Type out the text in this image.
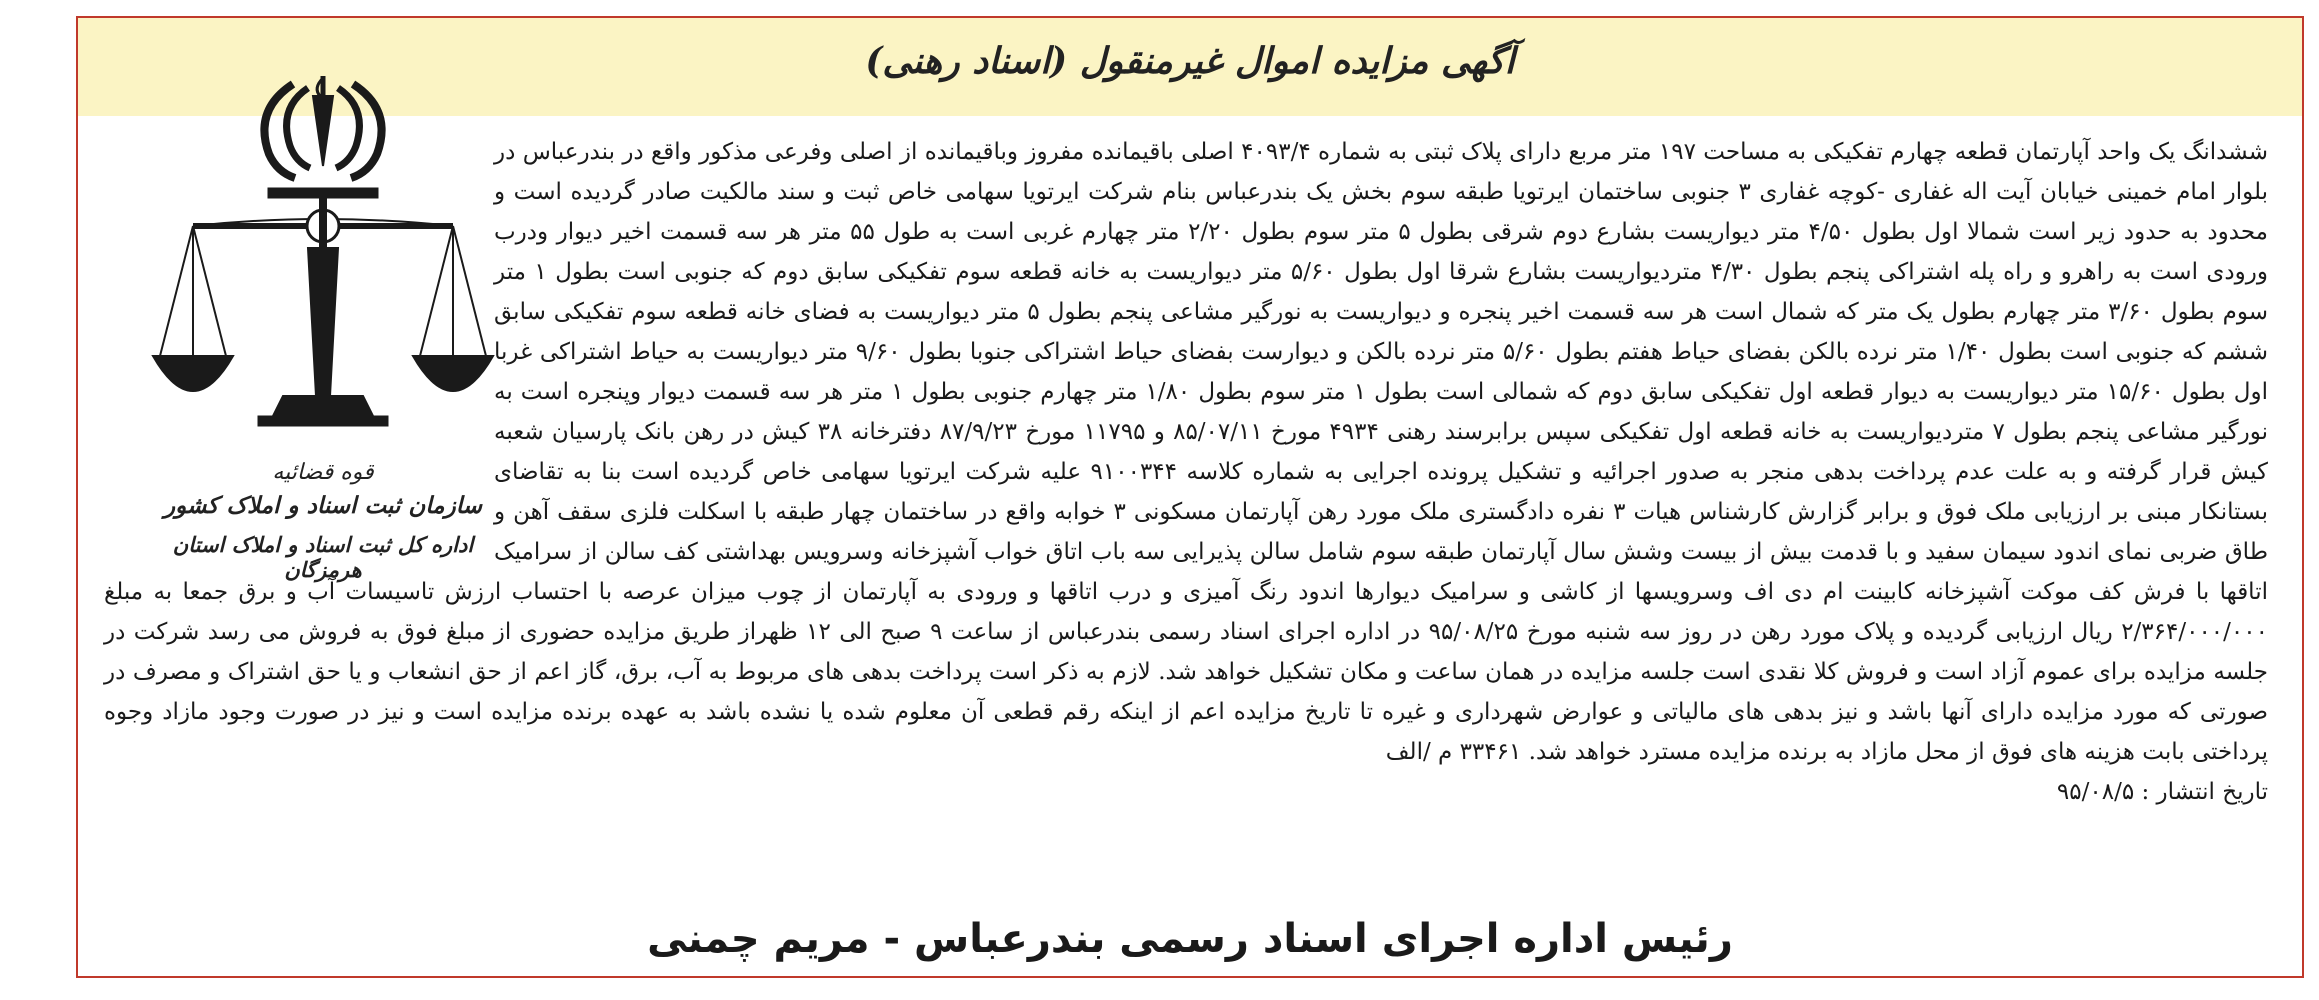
آگهی مزایده اموال غیرمنقول (اسناد رهنی)
قوه قضائیه
سازمان ثبت اسناد و املاک کشور
اداره کل ثبت اسناد و املاک استان هرمزگان
ششدانگ یک واحد آپارتمان قطعه چهارم تفکیکی به مساحت ۱۹۷ متر مربع دارای پلاک ثبتی به شماره ۴۰۹۳/۴ اصلی باقیمانده مفروز وباقیمانده از اصلی وفرعی مذکور واقع در بندرعباس در بلوار امام خمینی خیابان آیت اله غفاری -کوچه غفاری ۳ جنوبی ساختمان ایرتویا طبقه سوم بخش یک بندرعباس بنام شرکت ایرتویا سهامی خاص ثبت و سند مالکیت صادر گردیده است و محدود به حدود زیر است شمالا اول بطول ۴/۵۰ متر دیواریست بشارع دوم شرقی بطول ۵ متر سوم بطول ۲/۲۰ متر چهارم غربی است به طول ۵۵ متر هر سه قسمت اخیر دیوار ودرب ورودی است به راهرو و راه پله اشتراکی پنجم بطول ۴/۳۰ متردیواریست بشارع شرقا اول بطول ۵/۶۰ متر دیواریست به خانه قطعه سوم تفکیکی سابق دوم که جنوبی است بطول ۱ متر سوم بطول ۳/۶۰ متر چهارم بطول یک متر که شمال است هر سه قسمت اخیر پنجره و دیواریست به نورگیر مشاعی پنجم بطول ۵ متر دیواریست به فضای خانه قطعه سوم تفکیکی سابق ششم که جنوبی است بطول ۱/۴۰ متر نرده بالکن بفضای حیاط هفتم بطول ۵/۶۰ متر نرده بالکن و دیوارست بفضای حیاط اشتراکی جنوبا بطول ۹/۶۰ متر دیواریست به حیاط اشتراکی غربا اول بطول ۱۵/۶۰ متر دیواریست به دیوار قطعه اول تفکیکی سابق دوم که شمالی است بطول ۱ متر سوم بطول ۱/۸۰ متر چهارم جنوبی بطول ۱ متر هر سه قسمت دیوار وپنجره است به نورگیر مشاعی پنجم بطول ۷ متردیواریست به خانه قطعه اول تفکیکی سپس برابرسند رهنی ۴۹۳۴ مورخ ۸۵/۰۷/۱۱ و ۱۱۷۹۵ مورخ ۸۷/۹/۲۳ دفترخانه ۳۸ کیش در رهن بانک پارسیان شعبه کیش قرار گرفته و به علت عدم پرداخت بدهی منجر به صدور اجرائیه و تشکیل پرونده اجرایی به شماره کلاسه ۹۱۰۰۳۴۴ علیه شرکت ایرتویا سهامی خاص گردیده است بنا به تقاضای بستانکار مبنی بر ارزیابی ملک فوق و برابر گزارش کارشناس هیات ۳ نفره دادگستری ملک مورد رهن آپارتمان مسکونی ۳ خوابه واقع در ساختمان چهار طبقه با اسکلت فلزی سقف آهن و طاق ضربی نمای اندود سیمان سفید و با قدمت بیش از بیست وشش سال آپارتمان طبقه سوم شامل سالن پذیرایی سه باب اتاق خواب آشپزخانه وسرویس بهداشتی کف سالن از سرامیک اتاقها با فرش کف موکت آشپزخانه کابینت ام دی اف وسرویسها از کاشی و سرامیک دیوارها اندود رنگ آمیزی و درب اتاقها و ورودی به آپارتمان از چوب میزان عرصه با احتساب ارزش تاسیسات آب و برق جمعا به مبلغ ۲/۳۶۴/۰۰۰/۰۰۰ ریال ارزیابی گردیده و پلاک مورد رهن در روز سه شنبه مورخ ۹۵/۰۸/۲۵ در اداره اجرای اسناد رسمی بندرعباس از ساعت ۹ صبح الی ۱۲ ظهراز طریق مزایده حضوری از مبلغ فوق به فروش می رسد شرکت در جلسه مزایده برای عموم آزاد است و فروش کلا نقدی است جلسه مزایده در همان ساعت و مکان تشکیل خواهد شد. لازم به ذکر است پرداخت بدهی های مربوط به آب، برق، گاز اعم از حق انشعاب و یا حق اشتراک و مصرف در صورتی که مورد مزایده دارای آنها باشد و نیز بدهی های مالیاتی و عوارض شهرداری و غیره تا تاریخ مزایده اعم از اینکه رقم قطعی آن معلوم شده یا نشده باشد به عهده برنده مزایده است و نیز در صورت وجود مازاد وجوه پرداختی بابت هزینه های فوق از محل مازاد به برنده مزایده مسترد خواهد شد. ۳۳۴۶۱ م /الف
تاریخ انتشار : ۹۵/۰۸/۵
رئیس اداره اجرای اسناد رسمی بندرعباس - مریم چمنی
